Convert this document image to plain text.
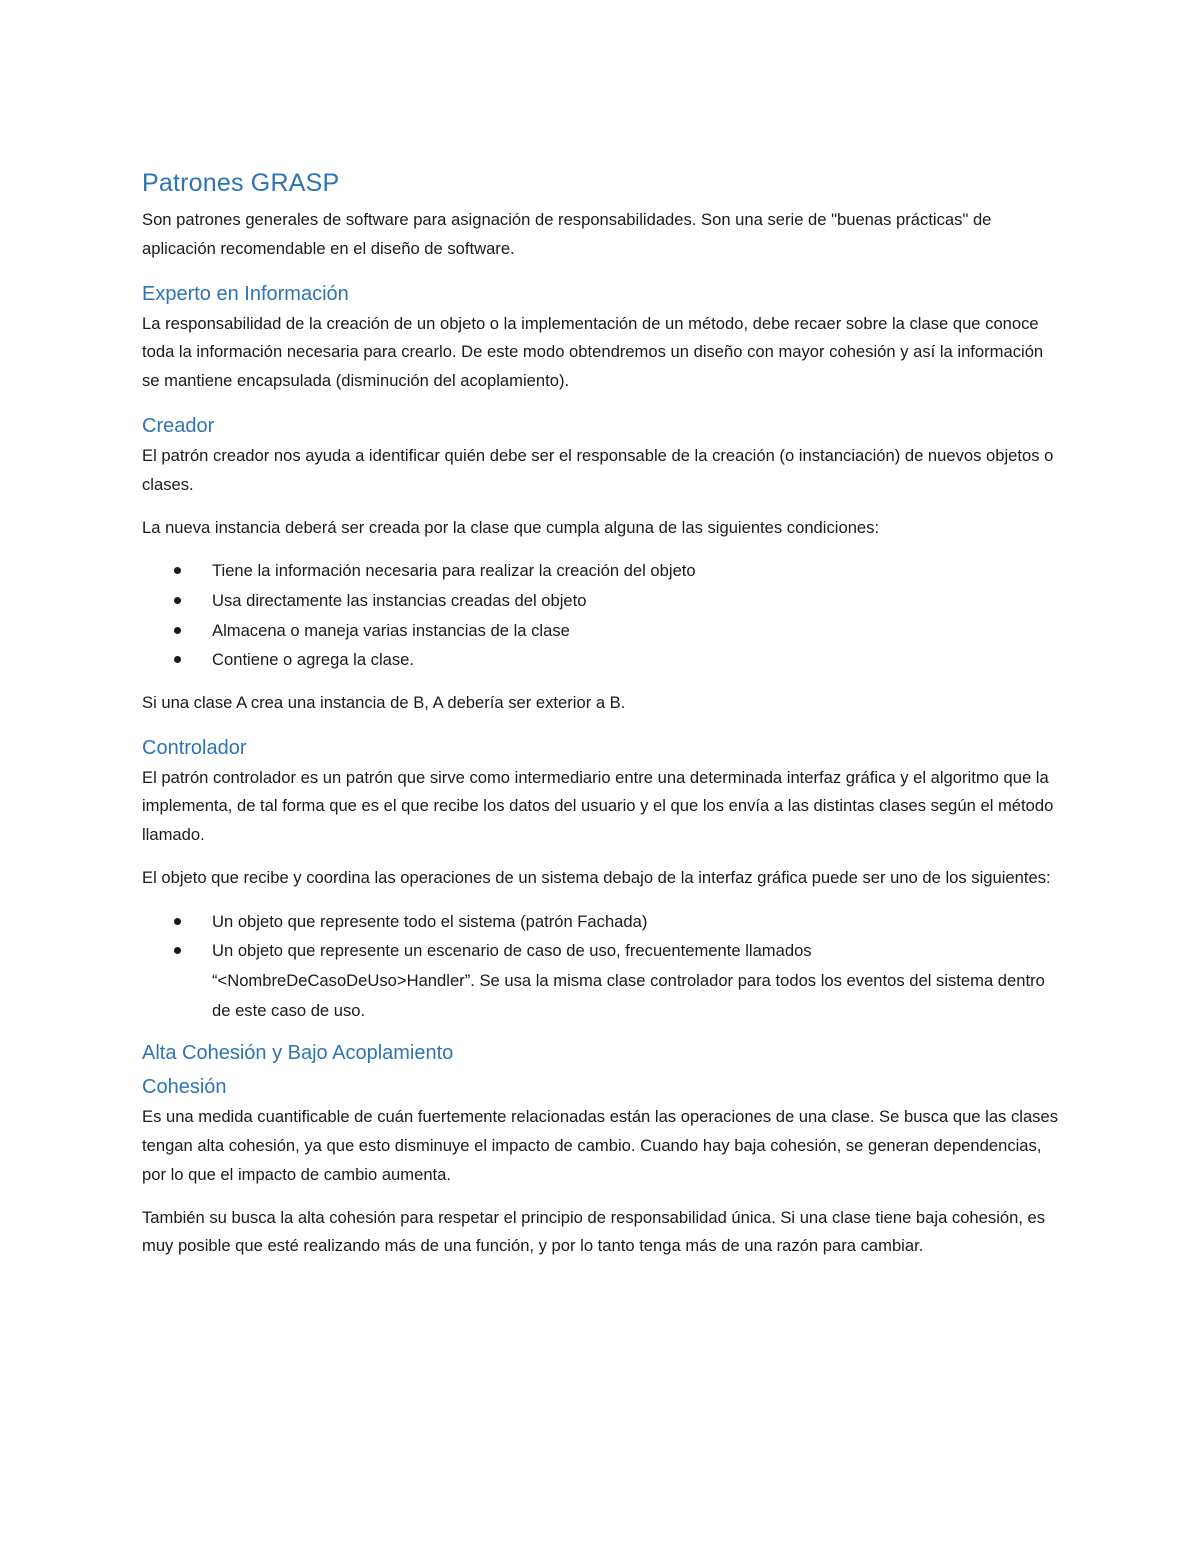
Patrones GRASP

Son patrones generales de software para asignación de responsabilidades. Son una serie de "buenas prácticas" de aplicación recomendable en el diseño de software.

Experto en Información

La responsabilidad de la creación de un objeto o la implementación de un método, debe recaer sobre la clase que conoce toda la información necesaria para crearlo. De este modo obtendremos un diseño con mayor cohesión y así la información se mantiene encapsulada (disminución del acoplamiento).

Creador

El patrón creador nos ayuda a identificar quién debe ser el responsable de la creación (o instanciación) de nuevos objetos o clases.

La nueva instancia deberá ser creada por la clase que cumpla alguna de las siguientes condiciones:

Tiene la información necesaria para realizar la creación del objeto
Usa directamente las instancias creadas del objeto
Almacena o maneja varias instancias de la clase
Contiene o agrega la clase.

Si una clase A crea una instancia de B, A debería ser exterior a B.

Controlador

El patrón controlador es un patrón que sirve como intermediario entre una determinada interfaz gráfica y el algoritmo que la implementa, de tal forma que es el que recibe los datos del usuario y el que los envía a las distintas clases según el método llamado.

El objeto que recibe y coordina las operaciones de un sistema debajo de la interfaz gráfica puede ser uno de los siguientes:

Un objeto que represente todo el sistema (patrón Fachada)
Un objeto que represente un escenario de caso de uso, frecuentemente llamados “<NombreDeCasoDeUso>Handler”. Se usa la misma clase controlador para todos los eventos del sistema dentro de este caso de uso.
Alta Cohesión y Bajo Acoplamiento
Cohesión

Es una medida cuantificable de cuán fuertemente relacionadas están las operaciones de una clase. Se busca que las clases tengan alta cohesión, ya que esto disminuye el impacto de cambio. Cuando hay baja cohesión, se generan dependencias, por lo que el impacto de cambio aumenta.

También su busca la alta cohesión para respetar el principio de responsabilidad única. Si una clase tiene baja cohesión, es muy posible que esté realizando más de una función, y por lo tanto tenga más de una razón para cambiar.
